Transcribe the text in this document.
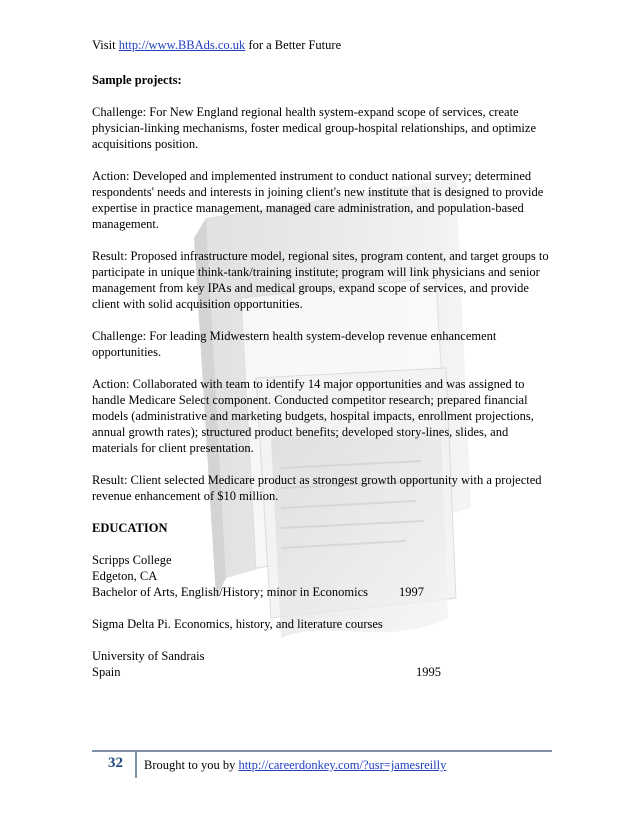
Visit http://www.BBAds.co.uk for a Better Future

Sample projects:

Challenge: For New England regional health system-expand scope of services, create physician-linking mechanisms, foster medical group-hospital relationships, and optimize acquisitions position.

Action: Developed and implemented instrument to conduct national survey; determined respondents' needs and interests in joining client's new institute that is designed to provide expertise in practice management, managed care administration, and population-based management.

Result: Proposed infrastructure model, regional sites, program content, and target groups to participate in unique think-tank/training institute; program will link physicians and senior management from key IPAs and medical groups, expand scope of services, and provide client with solid acquisition opportunities.

Challenge: For leading Midwestern health system-develop revenue enhancement opportunities.

Action: Collaborated with team to identify 14 major opportunities and was assigned to handle Medicare Select component. Conducted competitor research; prepared financial models (administrative and marketing budgets, hospital impacts, enrollment projections, annual growth rates); structured product benefits; developed story-lines, slides, and materials for client presentation.

Result: Client selected Medicare product as strongest growth opportunity with a projected revenue enhancement of $10 million.

EDUCATION

Scripps College
Edgeton, CA
Bachelor of Arts, English/History; minor in Economics 1997

Sigma Delta Pi. Economics, history, and literature courses

University of Sandrais
Spain	1995
32 Brought to you by http://careerdonkey.com/?usr=jamesreilly
